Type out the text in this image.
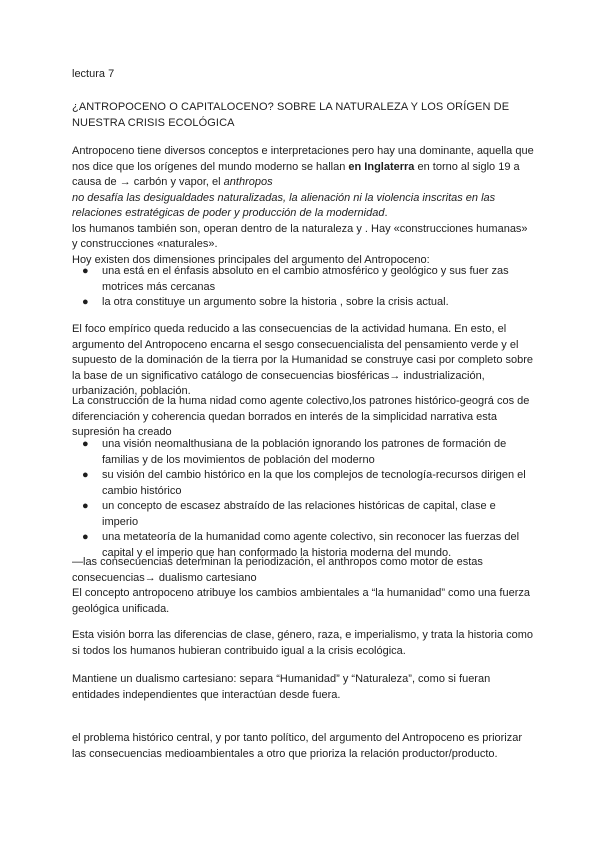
lectura 7
¿ANTROPOCENO O CAPITALOCENO? SOBRE LA NATURALEZA Y LOS ORÍGEN DE NUESTRA CRISIS ECOLÓGICA
Antropoceno tiene diversos conceptos e interpretaciones pero hay una dominante, aquella que nos dice que los orígenes del mundo moderno se hallan en Inglaterra en torno al siglo 19 a causa de → carbón y vapor, el anthropos
no desafía las desigualdades naturalizadas, la alienación ni la violencia inscritas en las relaciones estratégicas de poder y producción de la modernidad.
los humanos también son, operan dentro de la naturaleza y . Hay «construcciones humanas» y construcciones «naturales».
Hoy existen dos dimensiones principales del argumento del Antropoceno:
● una está en el énfasis absoluto en el cambio atmosférico y geológico y sus fuer zas motrices más cercanas
● la otra constituye un argumento sobre la historia , sobre la crisis actual.
El foco empírico queda reducido a las consecuencias de la actividad humana. En esto, el argumento del Antropoceno encarna el sesgo consecuencialista del pensamiento verde y el supuesto de la dominación de la tierra por la Humanidad se construye casi por completo sobre la base de un significativo catálogo de consecuencias biosféricas→ industrialización, urbanización, población.
La construcción de la huma nidad como agente colectivo,los patrones histórico-geográ cos de diferenciación y coherencia quedan borrados en interés de la simplicidad narrativa esta supresión ha creado
● una visión neomalthusiana de la población ignorando los patrones de formación de familias y de los movimientos de población del moderno
● su visión del cambio histórico en la que los complejos de tecnología-recursos dirigen el cambio histórico
● un concepto de escasez abstraído de las relaciones históricas de capital, clase e imperio
● una metateoría de la humanidad como agente colectivo, sin reconocer las fuerzas del capital y el imperio que han conformado la historia moderna del mundo.
—las consecuencias determinan la periodización, el anthropos como motor de estas consecuencias→ dualismo cartesiano
El concepto antropoceno atribuye los cambios ambientales a “la humanidad” como una fuerza geológica unificada.
Esta visión borra las diferencias de clase, género, raza, e imperialismo, y trata la historia como si todos los humanos hubieran contribuido igual a la crisis ecológica.
Mantiene un dualismo cartesiano: separa “Humanidad” y “Naturaleza”, como si fueran entidades independientes que interactúan desde fuera.
el problema histórico central, y por tanto político, del argumento del Antropoceno es priorizar las consecuencias medioambientales a otro que prioriza la relación productor/producto.
